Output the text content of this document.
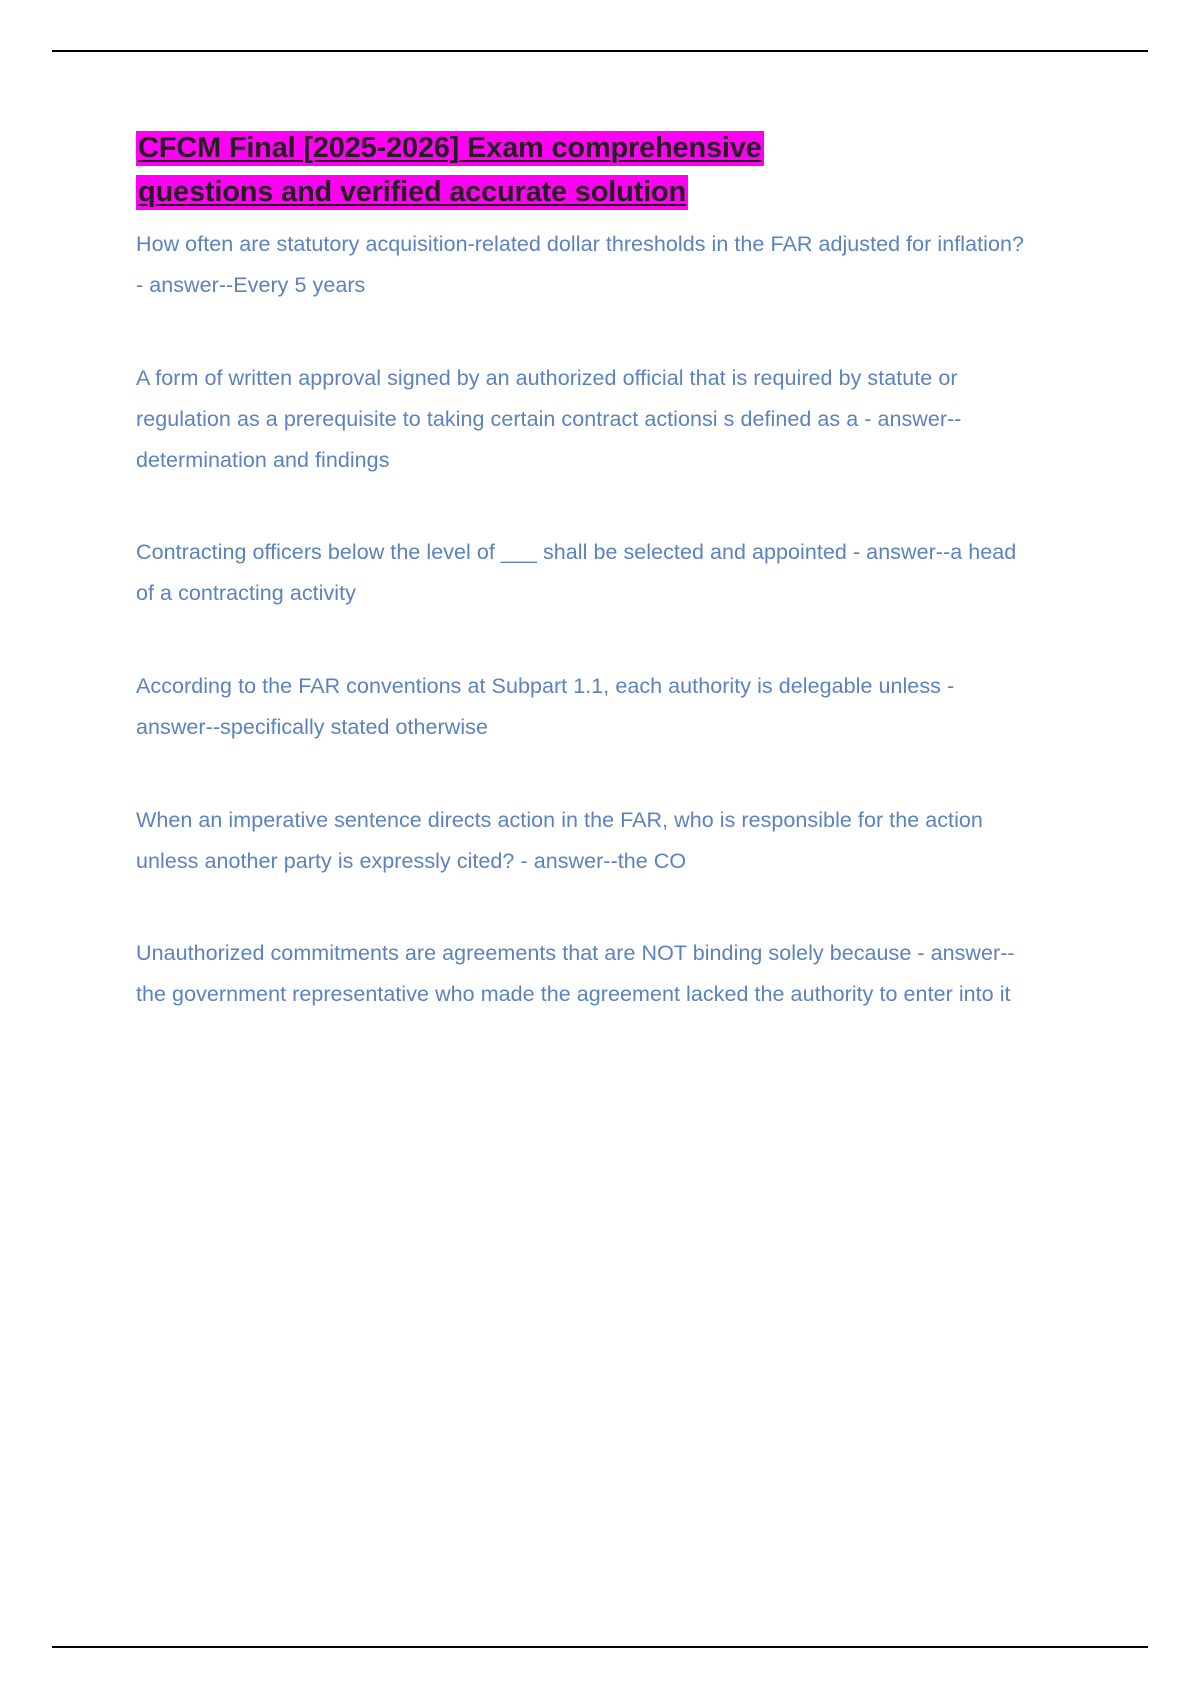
CFCM Final [2025-2026] Exam comprehensive
questions and verified accurate solution
How often are statutory acquisition-related dollar thresholds in the FAR adjusted for inflation? - answer--Every 5 years
A form of written approval signed by an authorized official that is required by statute or regulation as a prerequisite to taking certain contract actionsi s defined as a - answer--determination and findings
Contracting officers below the level of ___ shall be selected and appointed - answer--a head of a contracting activity
According to the FAR conventions at Subpart 1.1, each authority is delegable unless - answer--specifically stated otherwise
When an imperative sentence directs action in the FAR, who is responsible for the action unless another party is expressly cited? - answer--the CO
Unauthorized commitments are agreements that are NOT binding solely because - answer--the government representative who made the agreement lacked the authority to enter into it
